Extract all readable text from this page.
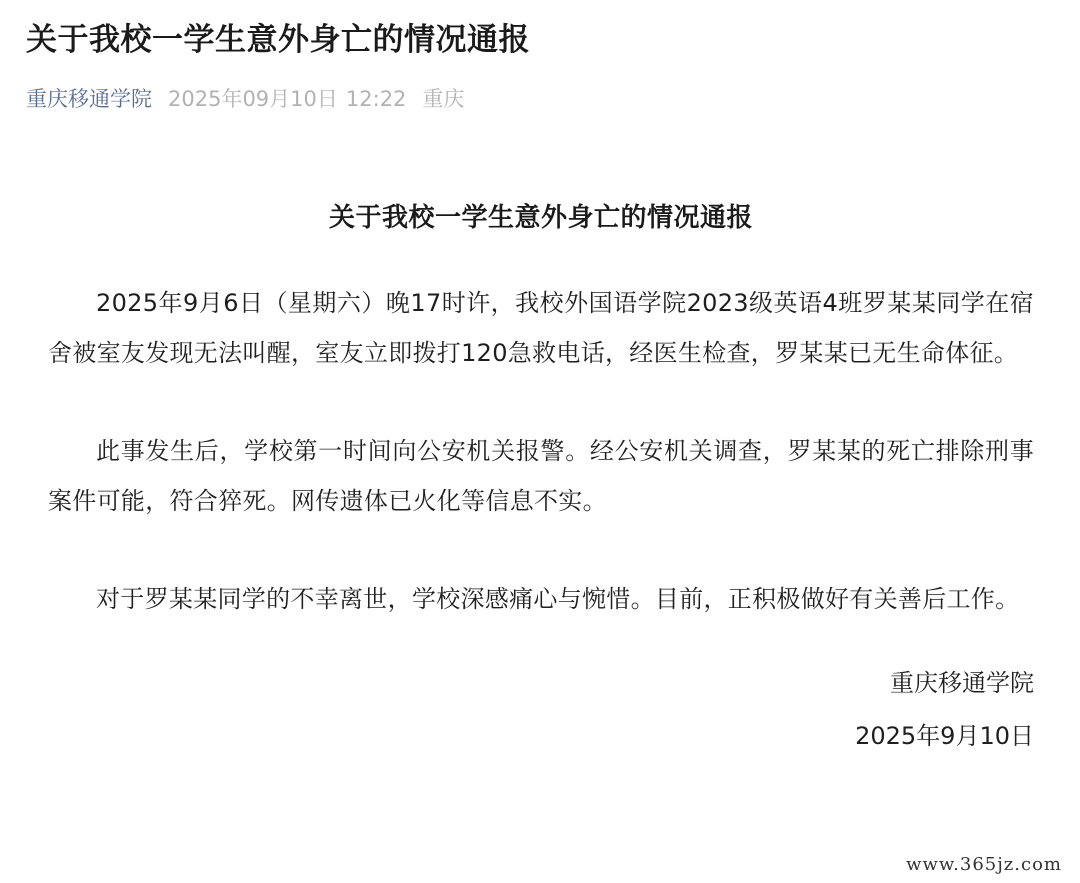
关于我校一学生意外身亡的情况通报
重庆移通学院 2025年09月10日 12:22 重庆
关于我校一学生意外身亡的情况通报

2025年9月6日（星期六）晚17时许，我校外国语学院2023级英语4班罗某某同学在宿舍被室友发现无法叫醒，室友立即拨打120急救电话，经医生检查，罗某某已无生命体征。

此事发生后，学校第一时间向公安机关报警。经公安机关调查，罗某某的死亡排除刑事案件可能，符合猝死。网传遗体已火化等信息不实。

对于罗某某同学的不幸离世，学校深感痛心与惋惜。目前，正积极做好有关善后工作。

重庆移通学院
2025年9月10日
www.365jz.com
